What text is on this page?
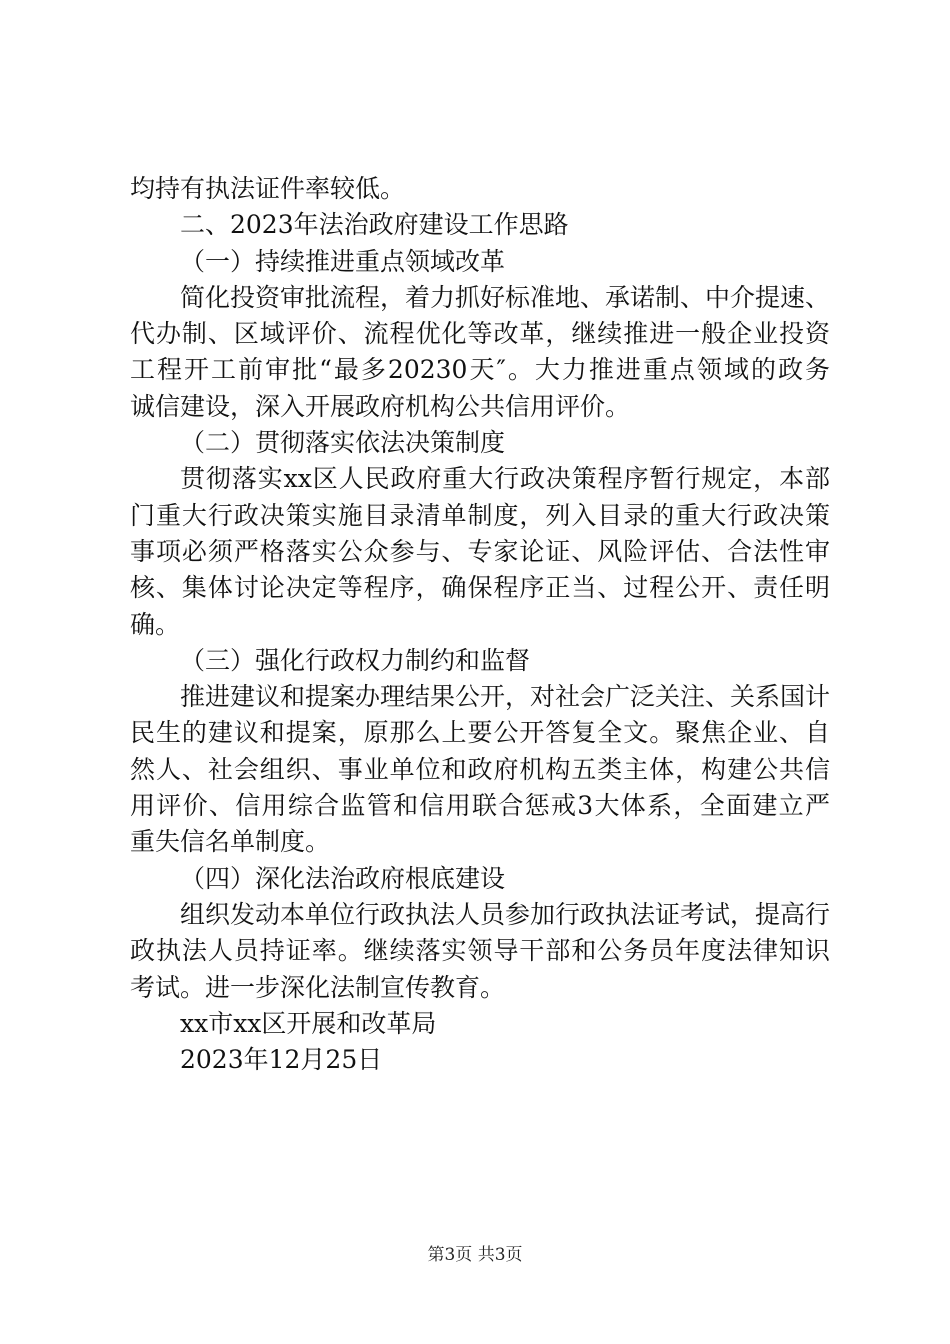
均持有执法证件率较低。
二、2023年法治政府建设工作思路
（一）持续推进重点领域改革
简化投资审批流程，着力抓好标准地、承诺制、中介提速、
代办制、区域评价、流程优化等改革，继续推进一般企业投资
工程开工前审批“最多20230天″。大力推进重点领域的政务
诚信建设，深入开展政府机构公共信用评价。
（二）贯彻落实依法决策制度
贯彻落实xx区人民政府重大行政决策程序暂行规定，本部
门重大行政决策实施目录清单制度，列入目录的重大行政决策
事项必须严格落实公众参与、专家论证、风险评估、合法性审
核、集体讨论决定等程序，确保程序正当、过程公开、责任明
确。
（三）强化行政权力制约和监督
推进建议和提案办理结果公开，对社会广泛关注、关系国计
民生的建议和提案，原那么上要公开答复全文。聚焦企业、自
然人、社会组织、事业单位和政府机构五类主体，构建公共信
用评价、信用综合监管和信用联合惩戒3大体系，全面建立严
重失信名单制度。
（四）深化法治政府根底建设
组织发动本单位行政执法人员参加行政执法证考试，提高行
政执法人员持证率。继续落实领导干部和公务员年度法律知识
考试。进一步深化法制宣传教育。
xx市xx区开展和改革局
2023年12月25日
第3页 共3页
